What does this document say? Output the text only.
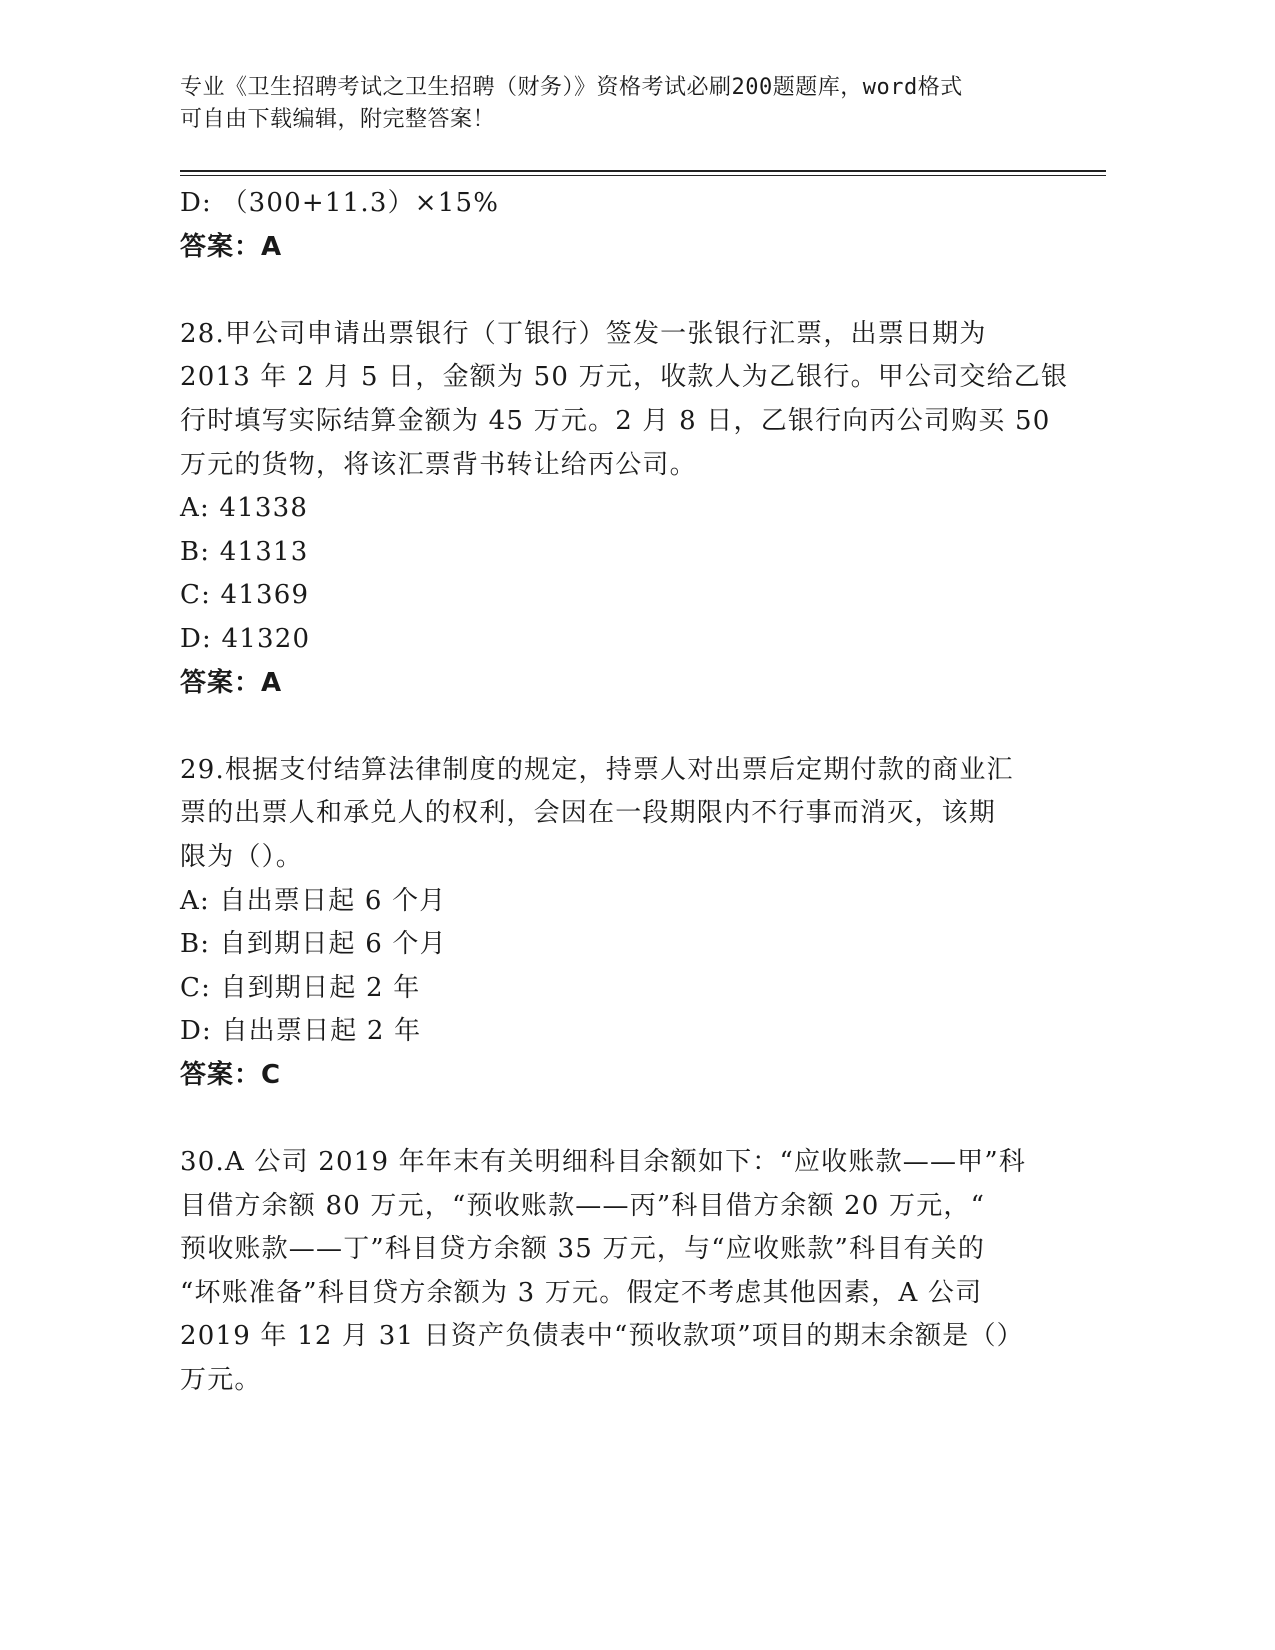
专业《卫生招聘考试之卫生招聘（财务）》资格考试必刷200题题库，word格式
可自由下载编辑，附完整答案！
D: （300+11.3）×15%
答案：A
28.甲公司申请出票银行（丁银行）签发一张银行汇票，出票日期为
2013 年 2 月 5 日，金额为 50 万元，收款人为乙银行。甲公司交给乙银
行时填写实际结算金额为 45 万元。2 月 8 日，乙银行向丙公司购买 50
万元的货物，将该汇票背书转让给丙公司。
A: 41338
B: 41313
C: 41369
D: 41320
答案：A
29.根据支付结算法律制度的规定，持票人对出票后定期付款的商业汇
票的出票人和承兑人的权利，会因在一段期限内不行事而消灭，该期
限为（）。
A: 自出票日起 6 个月
B: 自到期日起 6 个月
C: 自到期日起 2 年
D: 自出票日起 2 年
答案：C
30.A 公司 2019 年年末有关明细科目余额如下：“应收账款——甲”科
目借方余额 80 万元，“预收账款——丙”科目借方余额 20 万元，“
预收账款——丁”科目贷方余额 35 万元，与“应收账款”科目有关的
“坏账准备”科目贷方余额为 3 万元。假定不考虑其他因素，A 公司
2019 年 12 月 31 日资产负债表中“预收款项”项目的期末余额是（）
万元。
